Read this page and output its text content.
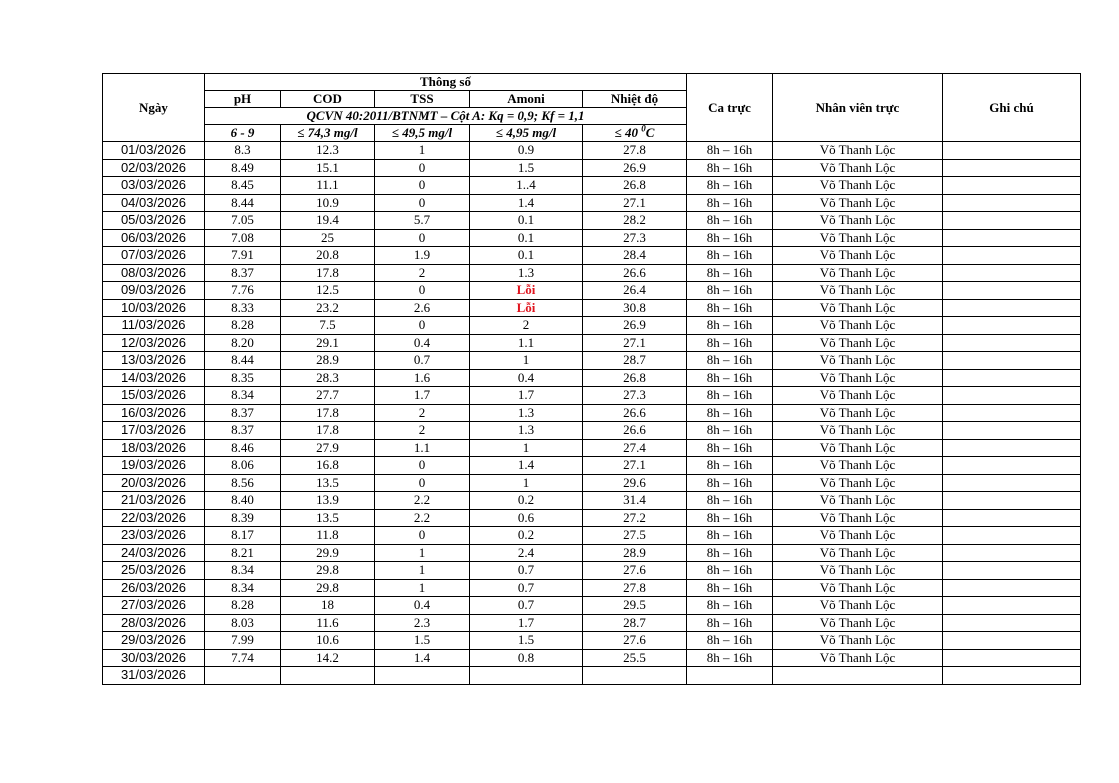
Ngày	Thông số					Ca trực	Nhân viên trực	Ghi chú
	pH	COD	TSS	Amoni	Nhiệt độ			
	QCVN 40:2011/BTNMT – Cột A: Kq = 0,9; Kf = 1,1							
	6 - 9	≤ 74,3 mg/l	≤ 49,5 mg/l	≤ 4,95 mg/l	≤ 40 $^0$C			
01/03/2026	8.3	12.3	1	0.9	27.8	8h – 16h	Võ Thanh Lộc	
02/03/2026	8.49	15.1	0	1.5	26.9	8h – 16h	Võ Thanh Lộc	
03/03/2026	8.45	11.1	0	1..4	26.8	8h – 16h	Võ Thanh Lộc	
04/03/2026	8.44	10.9	0	1.4	27.1	8h – 16h	Võ Thanh Lộc	
05/03/2026	7.05	19.4	5.7	0.1	28.2	8h – 16h	Võ Thanh Lộc	
06/03/2026	7.08	25	0	0.1	27.3	8h – 16h	Võ Thanh Lộc	
07/03/2026	7.91	20.8	1.9	0.1	28.4	8h – 16h	Võ Thanh Lộc	
08/03/2026	8.37	17.8	2	1.3	26.6	8h – 16h	Võ Thanh Lộc	
09/03/2026	7.76	12.5	0	Lỗi	26.4	8h – 16h	Võ Thanh Lộc	
10/03/2026	8.33	23.2	2.6	Lỗi	30.8	8h – 16h	Võ Thanh Lộc	
11/03/2026	8.28	7.5	0	2	26.9	8h – 16h	Võ Thanh Lộc	
12/03/2026	8.20	29.1	0.4	1.1	27.1	8h – 16h	Võ Thanh Lộc	
13/03/2026	8.44	28.9	0.7	1	28.7	8h – 16h	Võ Thanh Lộc	
14/03/2026	8.35	28.3	1.6	0.4	26.8	8h – 16h	Võ Thanh Lộc	
15/03/2026	8.34	27.7	1.7	1.7	27.3	8h – 16h	Võ Thanh Lộc	
16/03/2026	8.37	17.8	2	1.3	26.6	8h – 16h	Võ Thanh Lộc	
17/03/2026	8.37	17.8	2	1.3	26.6	8h – 16h	Võ Thanh Lộc	
18/03/2026	8.46	27.9	1.1	1	27.4	8h – 16h	Võ Thanh Lộc	
19/03/2026	8.06	16.8	0	1.4	27.1	8h – 16h	Võ Thanh Lộc	
20/03/2026	8.56	13.5	0	1	29.6	8h – 16h	Võ Thanh Lộc	
21/03/2026	8.40	13.9	2.2	0.2	31.4	8h – 16h	Võ Thanh Lộc	
22/03/2026	8.39	13.5	2.2	0.6	27.2	8h – 16h	Võ Thanh Lộc	
23/03/2026	8.17	11.8	0	0.2	27.5	8h – 16h	Võ Thanh Lộc	
24/03/2026	8.21	29.9	1	2.4	28.9	8h – 16h	Võ Thanh Lộc	
25/03/2026	8.34	29.8	1	0.7	27.6	8h – 16h	Võ Thanh Lộc	
26/03/2026	8.34	29.8	1	0.7	27.8	8h – 16h	Võ Thanh Lộc	
27/03/2026	8.28	18	0.4	0.7	29.5	8h – 16h	Võ Thanh Lộc	
28/03/2026	8.03	11.6	2.3	1.7	28.7	8h – 16h	Võ Thanh Lộc	
29/03/2026	7.99	10.6	1.5	1.5	27.6	8h – 16h	Võ Thanh Lộc	
30/03/2026	7.74	14.2	1.4	0.8	25.5	8h – 16h	Võ Thanh Lộc	
31/03/2026								
